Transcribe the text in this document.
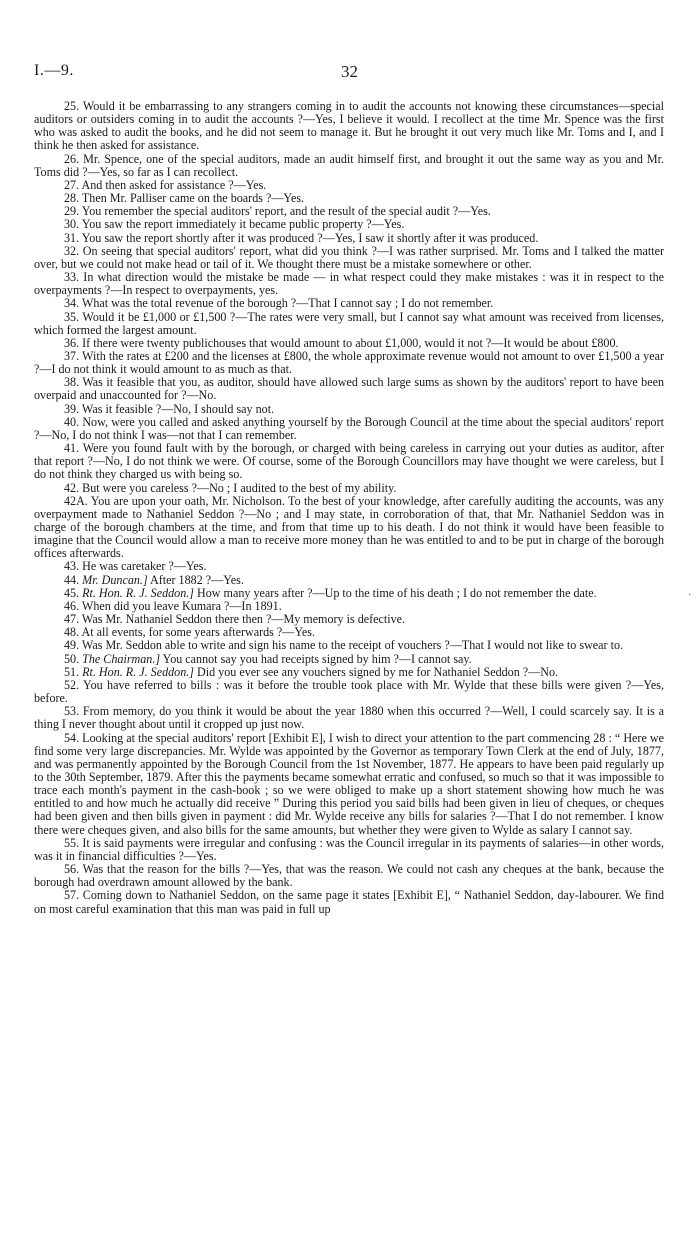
I.—9.	32

25. Would it be embarrassing to any strangers coming in to audit the accounts not knowing these circumstances—special auditors or outsiders coming in to audit the accounts ?—Yes, I believe it would. I recollect at the time Mr. Spence was the first who was asked to audit the books, and he did not seem to manage it. But he brought it out very much like Mr. Toms and I, and I think he then asked for assistance.

26. Mr. Spence, one of the special auditors, made an audit himself first, and brought it out the same way as you and Mr. Toms did ?—Yes, so far as I can recollect.

27. And then asked for assistance ?—Yes.

28. Then Mr. Palliser came on the boards ?—Yes.

29. You remember the special auditors' report, and the result of the special audit ?—Yes.

30. You saw the report immediately it became public property ?—Yes.

31. You saw the report shortly after it was produced ?—Yes, I saw it shortly after it was produced.

32. On seeing that special auditors' report, what did you think ?—I was rather surprised. Mr. Toms and I talked the matter over, but we could not make head or tail of it. We thought there must be a mistake somewhere or other.

33. In what direction would the mistake be made — in what respect could they make mistakes : was it in respect to the overpayments ?—In respect to overpayments, yes.

34. What was the total revenue of the borough ?—That I cannot say ; I do not remember.

35. Would it be £1,000 or £1,500 ?—The rates were very small, but I cannot say what amount was received from licenses, which formed the largest amount.

36. If there were twenty publichouses that would amount to about £1,000, would it not ?—It would be about £800.

37. With the rates at £200 and the licenses at £800, the whole approximate revenue would not amount to over £1,500 a year ?—I do not think it would amount to as much as that.

38. Was it feasible that you, as auditor, should have allowed such large sums as shown by the auditors' report to have been overpaid and unaccounted for ?—No.

39. Was it feasible ?—No, I should say not.

40. Now, were you called and asked anything yourself by the Borough Council at the time about the special auditors' report ?—No, I do not think I was—not that I can remember.

41. Were you found fault with by the borough, or charged with being careless in carrying out your duties as auditor, after that report ?—No, I do not think we were. Of course, some of the Borough Councillors may have thought we were careless, but I do not think they charged us with being so.

42. But were you careless ?—No ; I audited to the best of my ability.

42A. You are upon your oath, Mr. Nicholson. To the best of your knowledge, after carefully auditing the accounts, was any overpayment made to Nathaniel Seddon ?—No ; and I may state, in corroboration of that, that Mr. Nathaniel Seddon was in charge of the borough chambers at the time, and from that time up to his death. I do not think it would have been feasible to imagine that the Council would allow a man to receive more money than he was entitled to and to be put in charge of the borough offices afterwards.

43. He was caretaker ?—Yes.

44. Mr. Duncan.] After 1882 ?—Yes.

45. Rt. Hon. R. J. Seddon.] How many years after ?—Up to the time of his death ; I do not remember the date.

46. When did you leave Kumara ?—In 1891.

47. Was Mr. Nathaniel Seddon there then ?—My memory is defective.

48. At all events, for some years afterwards ?—Yes.

49. Was Mr. Seddon able to write and sign his name to the receipt of vouchers ?—That I would not like to swear to.

50. The Chairman.] You cannot say you had receipts signed by him ?—I cannot say.

51. Rt. Hon. R. J. Seddon.] Did you ever see any vouchers signed by me for Nathaniel Seddon ?—No.

52. You have referred to bills : was it before the trouble took place with Mr. Wylde that these bills were given ?—Yes, before.

53. From memory, do you think it would be about the year 1880 when this occurred ?—Well, I could scarcely say. It is a thing I never thought about until it cropped up just now.

54. Looking at the special auditors' report [Exhibit E], I wish to direct your attention to the part commencing 28 : “ Here we find some very large discrepancies. Mr. Wylde was appointed by the Governor as temporary Town Clerk at the end of July, 1877, and was permanently appointed by the Borough Council from the 1st November, 1877. He appears to have been paid regularly up to the 30th September, 1879. After this the payments became somewhat erratic and confused, so much so that it was impossible to trace each month's payment in the cash-book ; so we were obliged to make up a short statement showing how much he was entitled to and how much he actually did receive ” During this period you said bills had been given in lieu of cheques, or cheques had been given and then bills given in payment : did Mr. Wylde receive any bills for salaries ?—That I do not remember. I know there were cheques given, and also bills for the same amounts, but whether they were given to Wylde as salary I cannot say.

55. It is said payments were irregular and confusing : was the Council irregular in its payments of salaries—in other words, was it in financial difficulties ?—Yes.

56. Was that the reason for the bills ?—Yes, that was the reason. We could not cash any cheques at the bank, because the borough had overdrawn amount allowed by the bank.

57. Coming down to Nathaniel Seddon, on the same page it states [Exhibit E], “ Nathaniel Seddon, day-labourer. We find on most careful examination that this man was paid in full up

·
